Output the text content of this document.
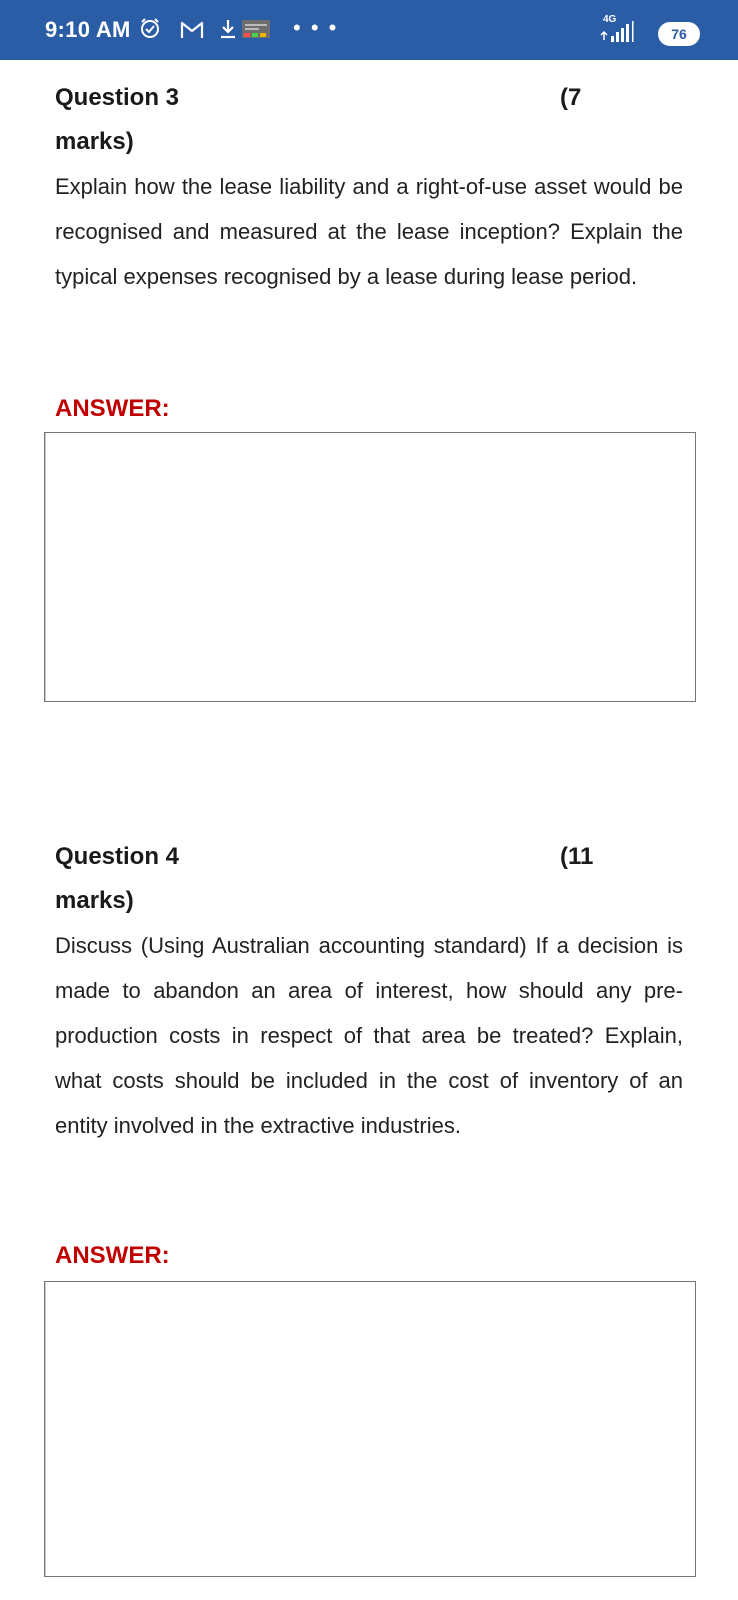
9:10 AM	• • •	4G
76
Question 3	(7
marks)
Explain how the lease liability and a right-of-use asset would be recognised and measured at the lease inception? Explain the typical expenses recognised by a lease during lease period.
ANSWER:
Question 4	(11
marks)
Discuss (Using Australian accounting standard) If a decision is made to abandon an area of interest, how should any pre-production costs in respect of that area be treated? Explain, what costs should be included in the cost of inventory of an entity involved in the extractive industries.
ANSWER:
